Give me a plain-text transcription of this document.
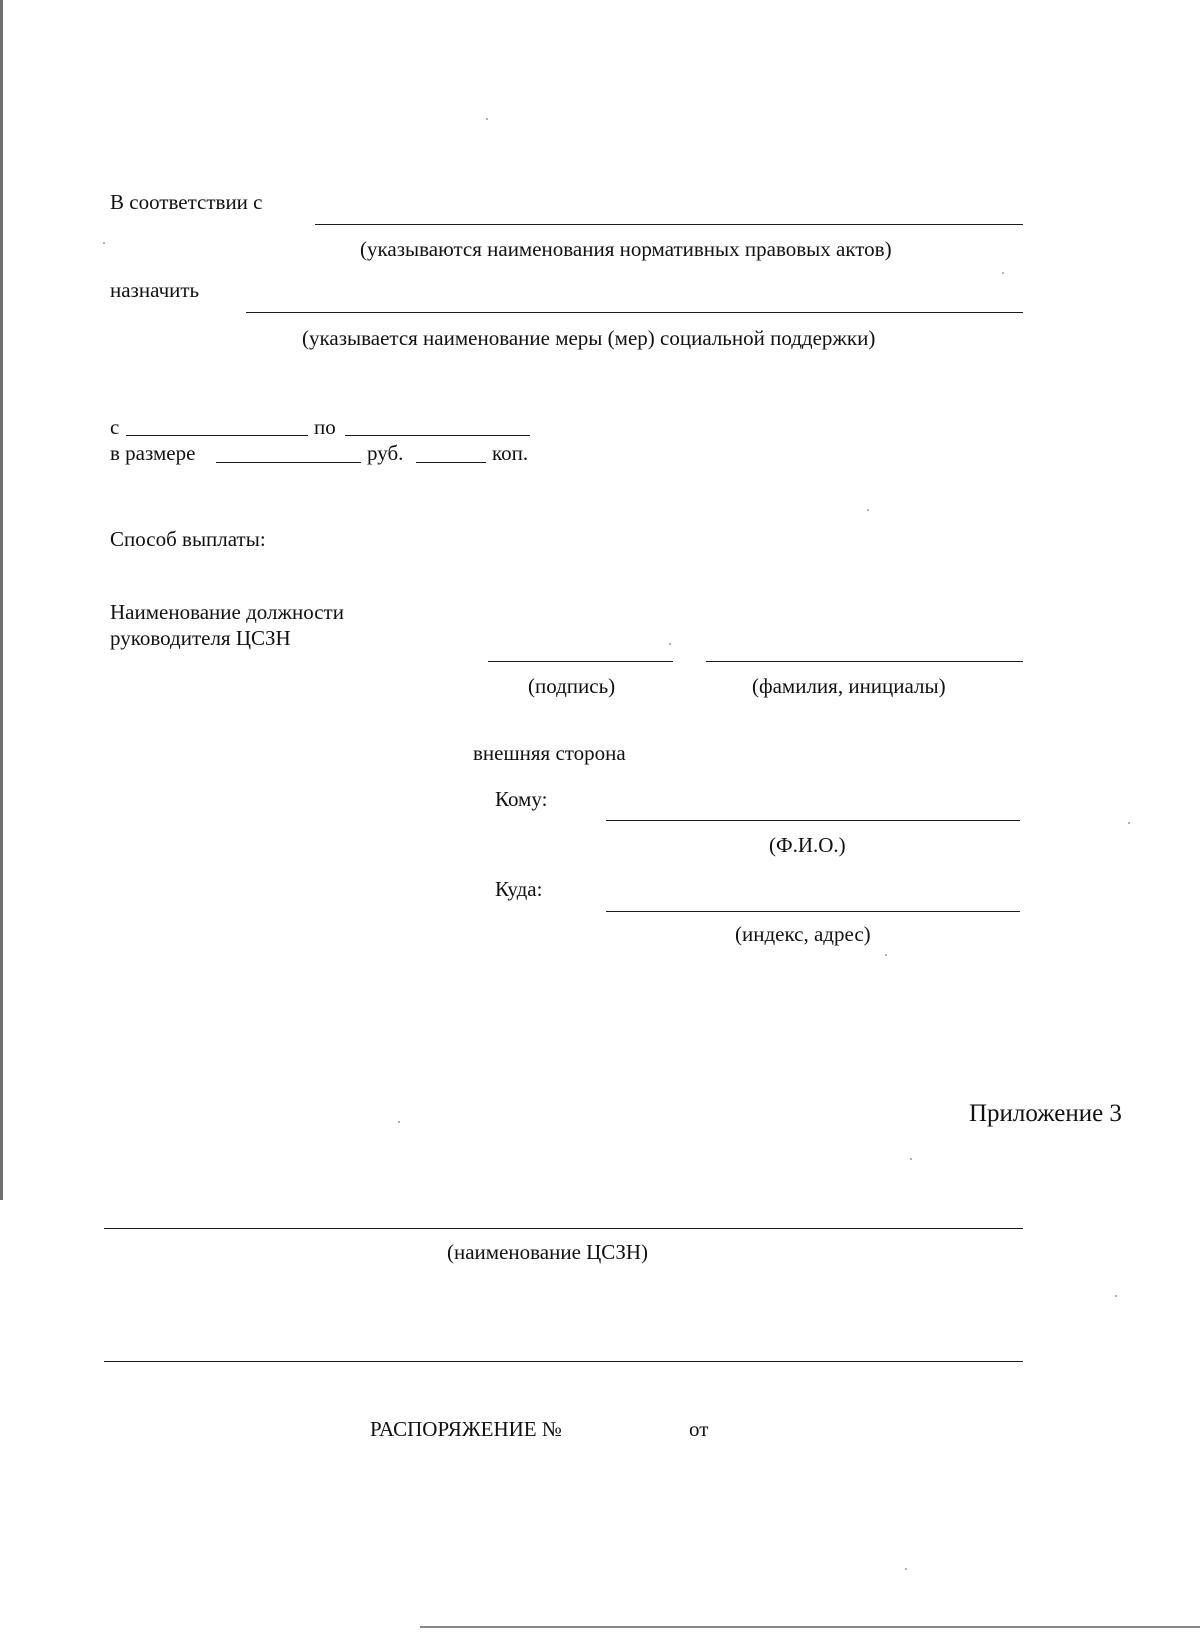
В соответствии с
(указываются наименования нормативных правовых актов)
назначить
(указывается наименование меры (мер) социальной поддержки)
с	по
в размере	руб.	коп.
Способ выплаты:
Наименование должности
руководителя ЦСЗН
(подпись)	(фамилия, инициалы)
внешняя сторона
Кому:
(Ф.И.О.)
Куда:
(индекс, адрес)
Приложение 3
(наименование ЦСЗН)
РАСПОРЯЖЕНИЕ №	от
